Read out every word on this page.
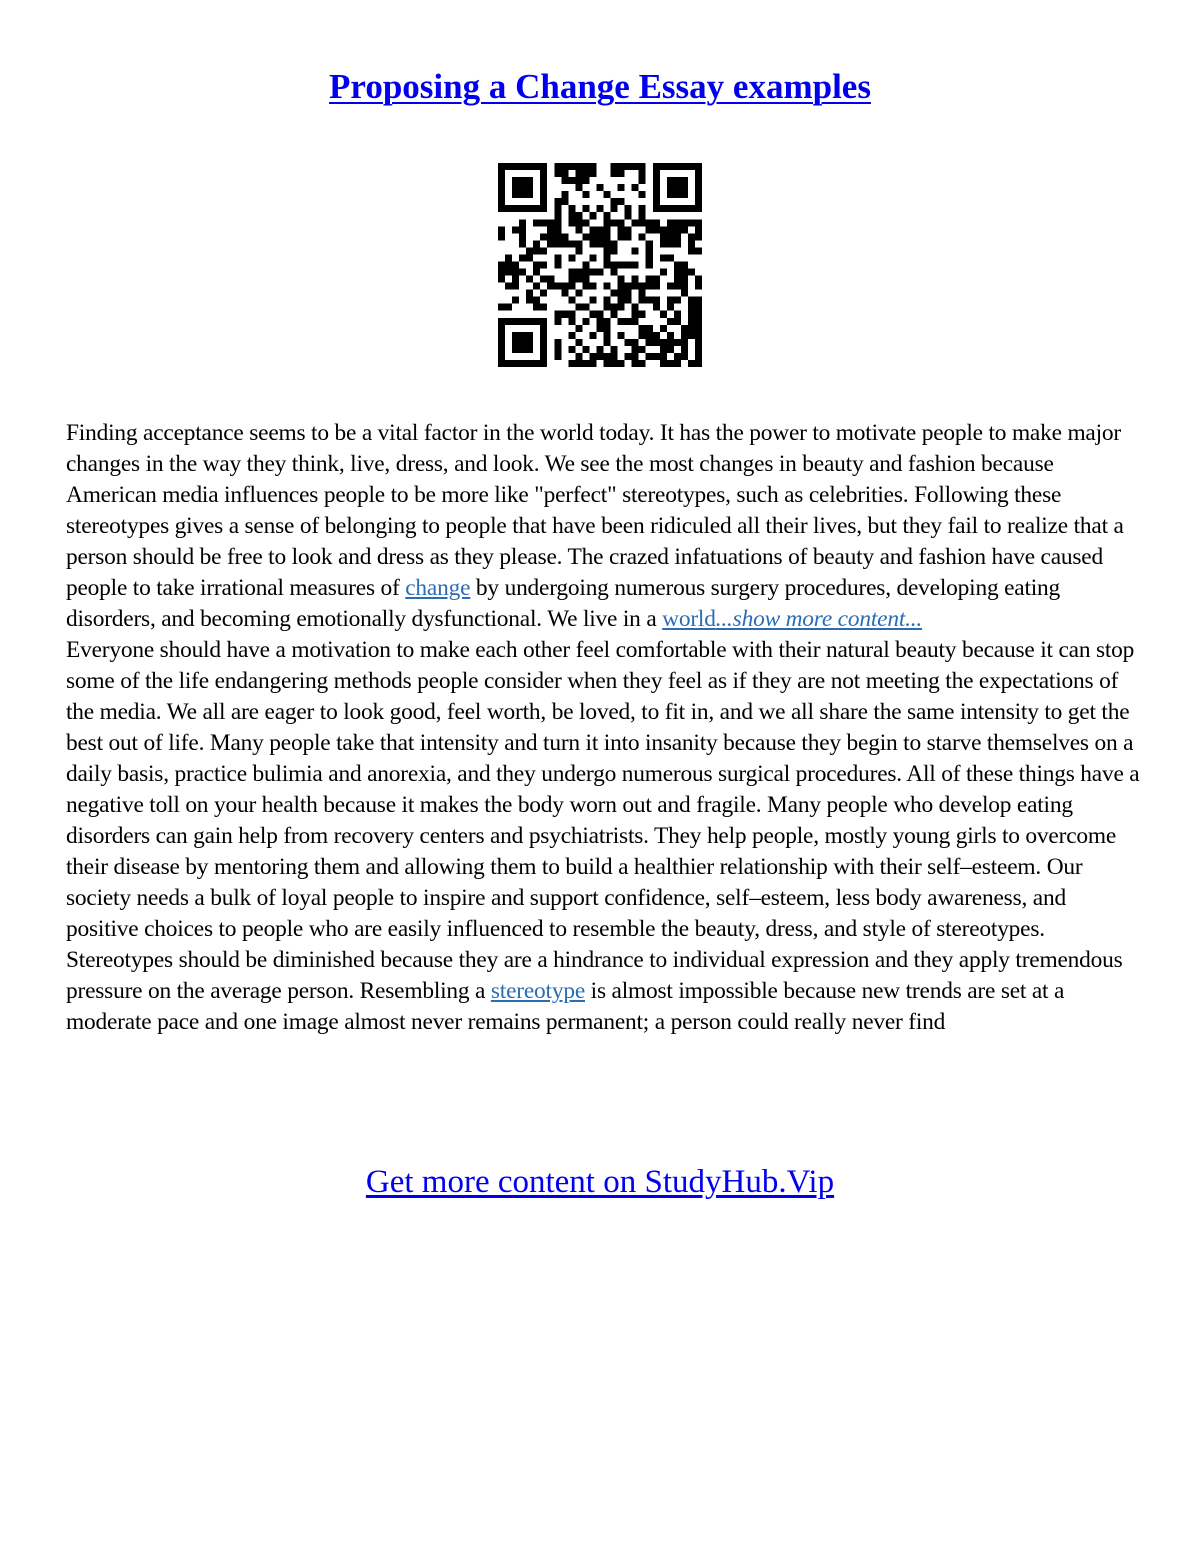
Proposing a Change Essay examples

Finding acceptance seems to be a vital factor in the world today. It has the power to motivate people to make major changes in the way they think, live, dress, and look. We see the most changes in beauty and fashion because American media influences people to be more like "perfect" stereotypes, such as celebrities. Following these stereotypes gives a sense of belonging to people that have been ridiculed all their lives, but they fail to realize that a person should be free to look and dress as they please. The crazed infatuations of beauty and fashion have caused people to take irrational measures of change by undergoing numerous surgery procedures, developing eating disorders, and becoming emotionally dysfunctional. We live in a world...show more content...

Everyone should have a motivation to make each other feel comfortable with their natural beauty because it can stop some of the life endangering methods people consider when they feel as if they are not meeting the expectations of the media. We all are eager to look good, feel worth, be loved, to fit in, and we all share the same intensity to get the best out of life. Many people take that intensity and turn it into insanity because they begin to starve themselves on a daily basis, practice bulimia and anorexia, and they undergo numerous surgical procedures. All of these things have a negative toll on your health because it makes the body worn out and fragile. Many people who develop eating disorders can gain help from recovery centers and psychiatrists. They help people, mostly young girls to overcome their disease by mentoring them and allowing them to build a healthier relationship with their self–esteem. Our society needs a bulk of loyal people to inspire and support confidence, self–esteem, less body awareness, and positive choices to people who are easily influenced to resemble the beauty, dress, and style of stereotypes. Stereotypes should be diminished because they are a hindrance to individual expression and they apply tremendous pressure on the average person. Resembling a stereotype is almost impossible because new trends are set at a moderate pace and one image almost never remains permanent; a person could really never find

Get more content on StudyHub.Vip
